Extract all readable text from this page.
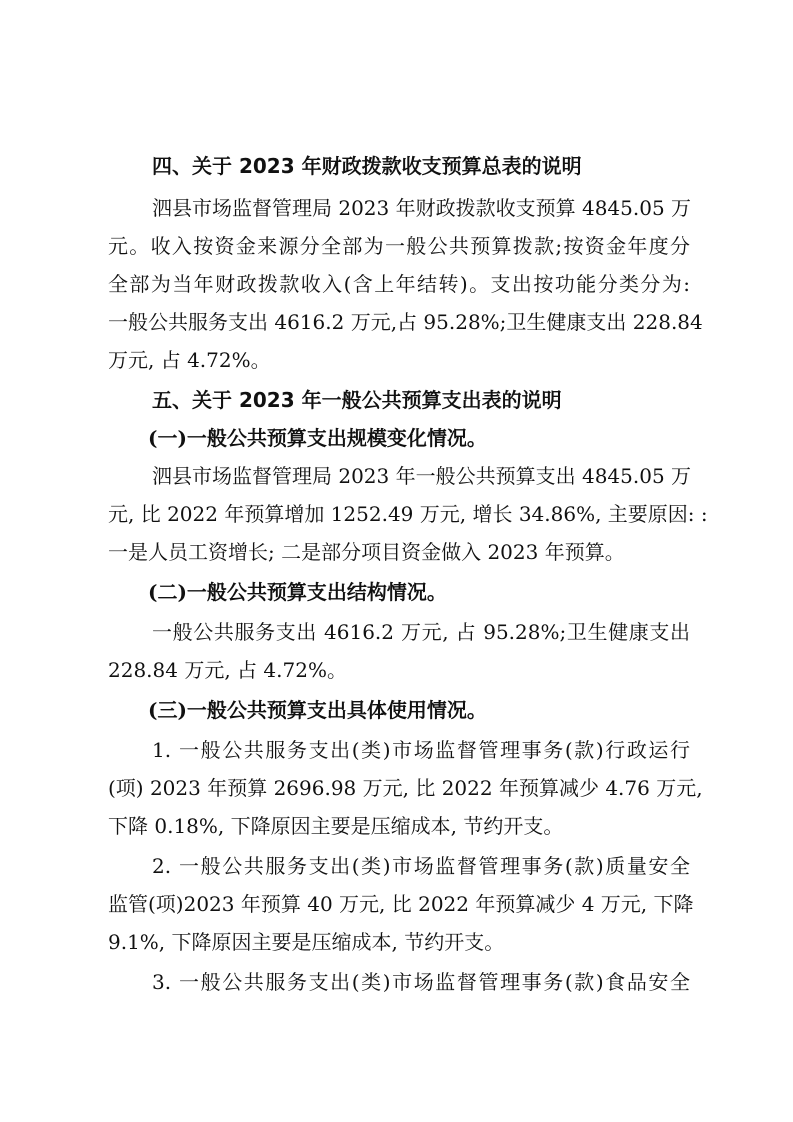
四、关于 2023 年财政拨款收支预算总表的说明
泗县市场监督管理局 2023 年财政拨款收支预算 4845.05 万
元。收入按资金来源分全部为一般公共预算拨款;按资金年度分
全部为当年财政拨款收入(含上年结转)。支出按功能分类分为:
一般公共服务支出 4616.2 万元,占 95.28%;卫生健康支出 228.84
万元, 占 4.72%。
五、关于 2023 年一般公共预算支出表的说明
(一)一般公共预算支出规模变化情况。
泗县市场监督管理局 2023 年一般公共预算支出 4845.05 万
元, 比 2022 年预算增加 1252.49 万元, 增长 34.86%, 主要原因: :
一是人员工资增长; 二是部分项目资金做入 2023 年预算。
(二)一般公共预算支出结构情况。
一般公共服务支出 4616.2 万元, 占 95.28%;卫生健康支出
228.84 万元, 占 4.72%。
(三)一般公共预算支出具体使用情况。
1. 一般公共服务支出(类)市场监督管理事务(款)行政运行
(项) 2023 年预算 2696.98 万元, 比 2022 年预算减少 4.76 万元,
下降 0.18%, 下降原因主要是压缩成本, 节约开支。
2. 一般公共服务支出(类)市场监督管理事务(款)质量安全
监管(项)2023 年预算 40 万元, 比 2022 年预算减少 4 万元, 下降
9.1%, 下降原因主要是压缩成本, 节约开支。
3. 一般公共服务支出(类)市场监督管理事务(款)食品安全
